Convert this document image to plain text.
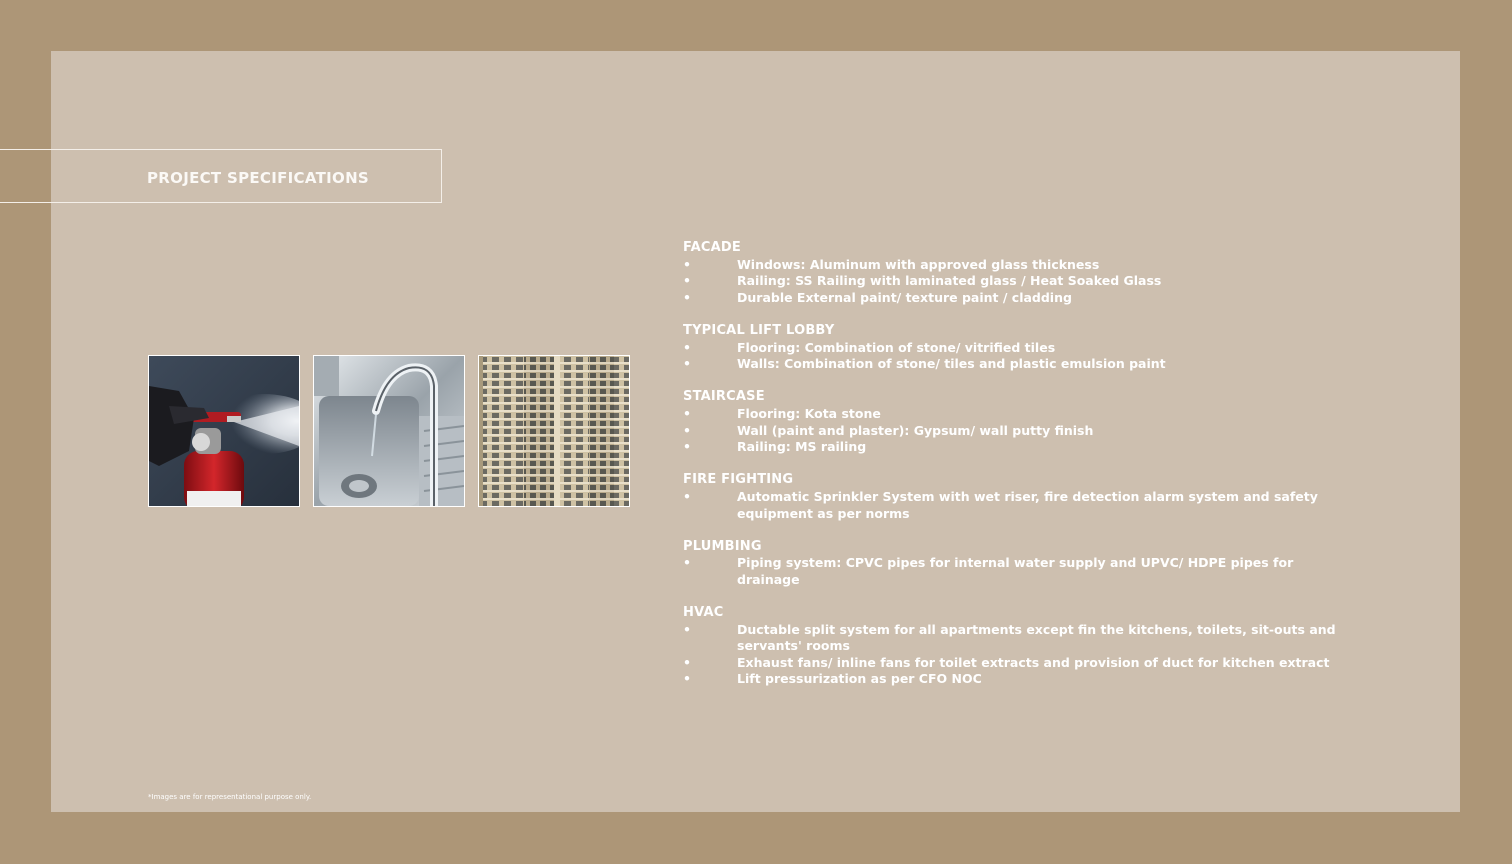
PROJECT SPECIFICATIONS

FACADE

•	Windows: Aluminum with approved glass thickness
•	Railing: SS Railing with laminated glass / Heat Soaked Glass
•	Durable External paint/ texture paint / cladding

TYPICAL LIFT LOBBY

•	Flooring: Combination of stone/ vitrified tiles
•	Walls: Combination of stone/ tiles and plastic emulsion paint

STAIRCASE

•	Flooring: Kota stone
•	Wall (paint and plaster): Gypsum/ wall putty finish
•	Railing: MS railing

FIRE FIGHTING

•	Automatic Sprinkler System with wet riser, fire detection alarm system and safety equipment as per norms

PLUMBING

•	Piping system: CPVC pipes for internal water supply and UPVC/ HDPE pipes for drainage

HVAC

•	Ductable split system for all apartments except fin the kitchens, toilets, sit-outs and servants' rooms
•	Exhaust fans/ inline fans for toilet extracts and provision of duct for kitchen extract
•	Lift pressurization as per CFO NOC

*Images are for representational purpose only.
